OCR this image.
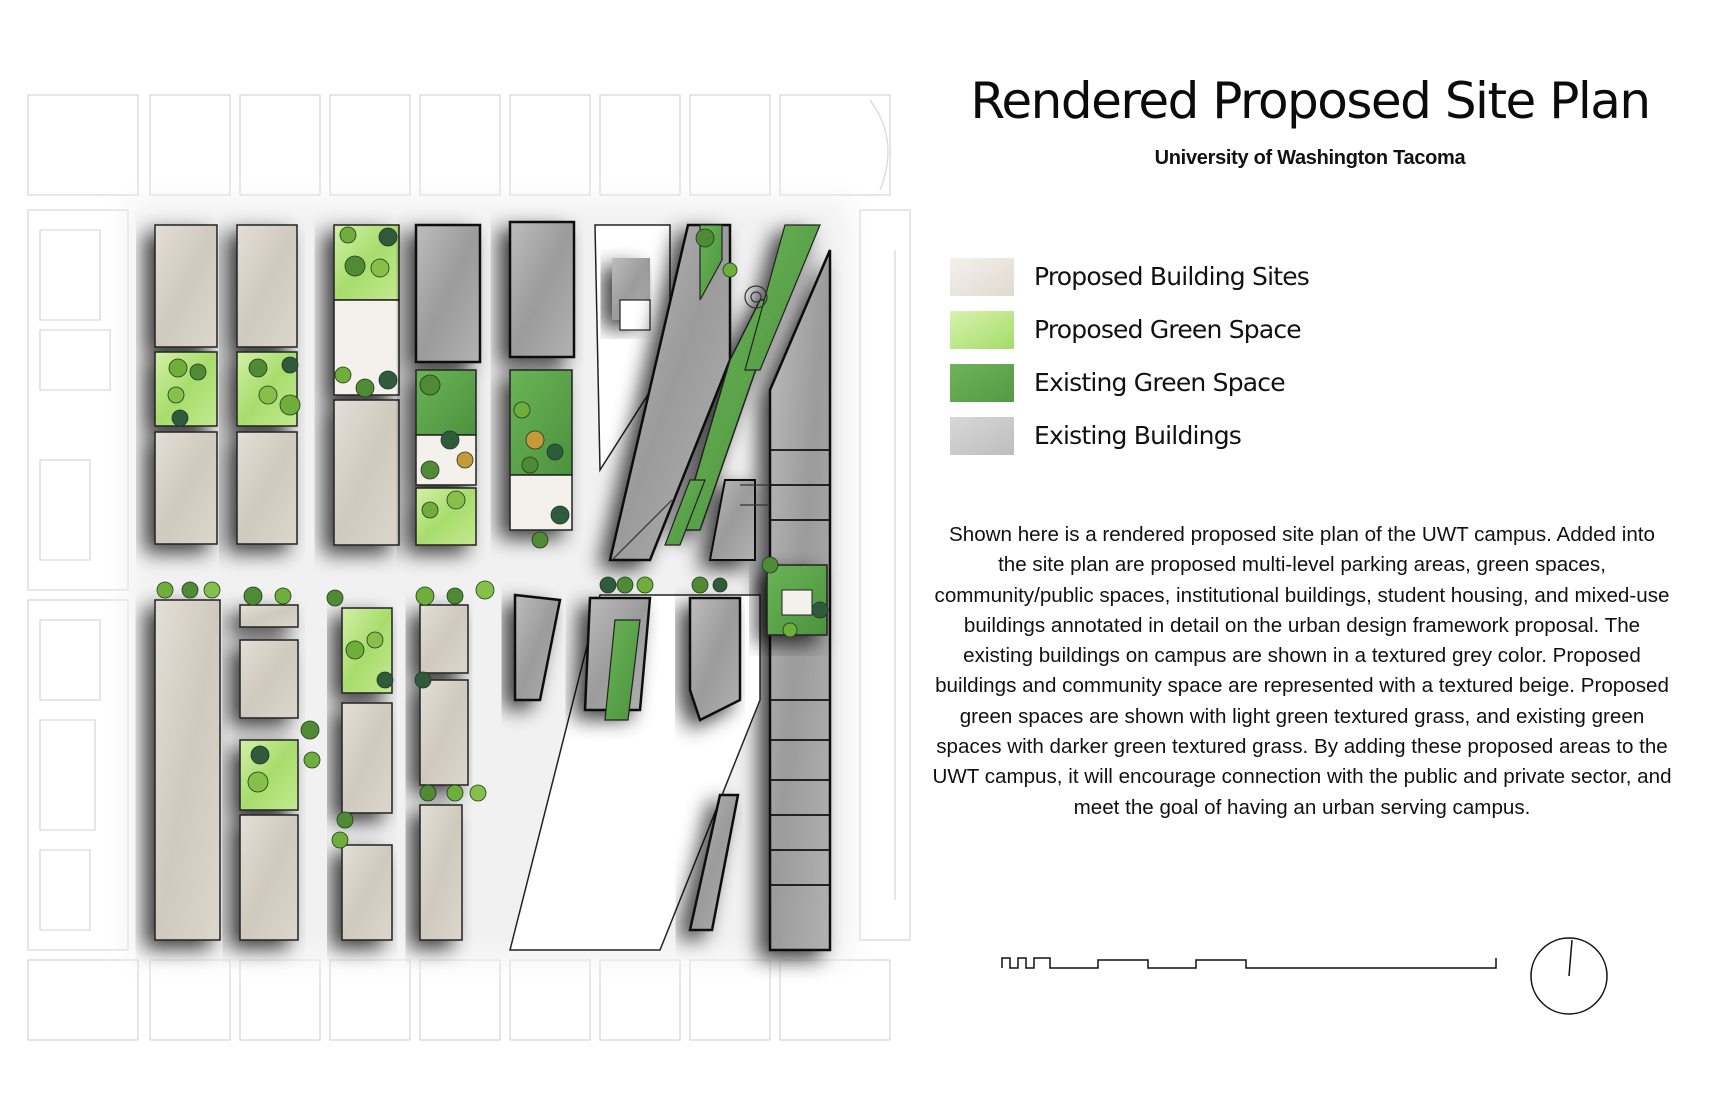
Rendered Proposed Site Plan
University of Washington Tacoma
Proposed Building Sites
Proposed Green Space
Existing Green Space
Existing Buildings
Shown here is a rendered proposed site plan of the UWT campus. Added into the site plan are proposed multi-level parking areas, green spaces, community/public spaces, institutional buildings, student housing, and mixed-use buildings annotated in detail on the urban design framework proposal. The existing buildings on campus are shown in a textured grey color. Proposed buildings and community space are represented with a textured beige. Proposed green spaces are shown with light green textured grass, and existing green spaces with darker green textured grass. By adding these proposed areas to the UWT campus, it will encourage connection with the public and private sector, and meet the goal of having an urban serving campus.
